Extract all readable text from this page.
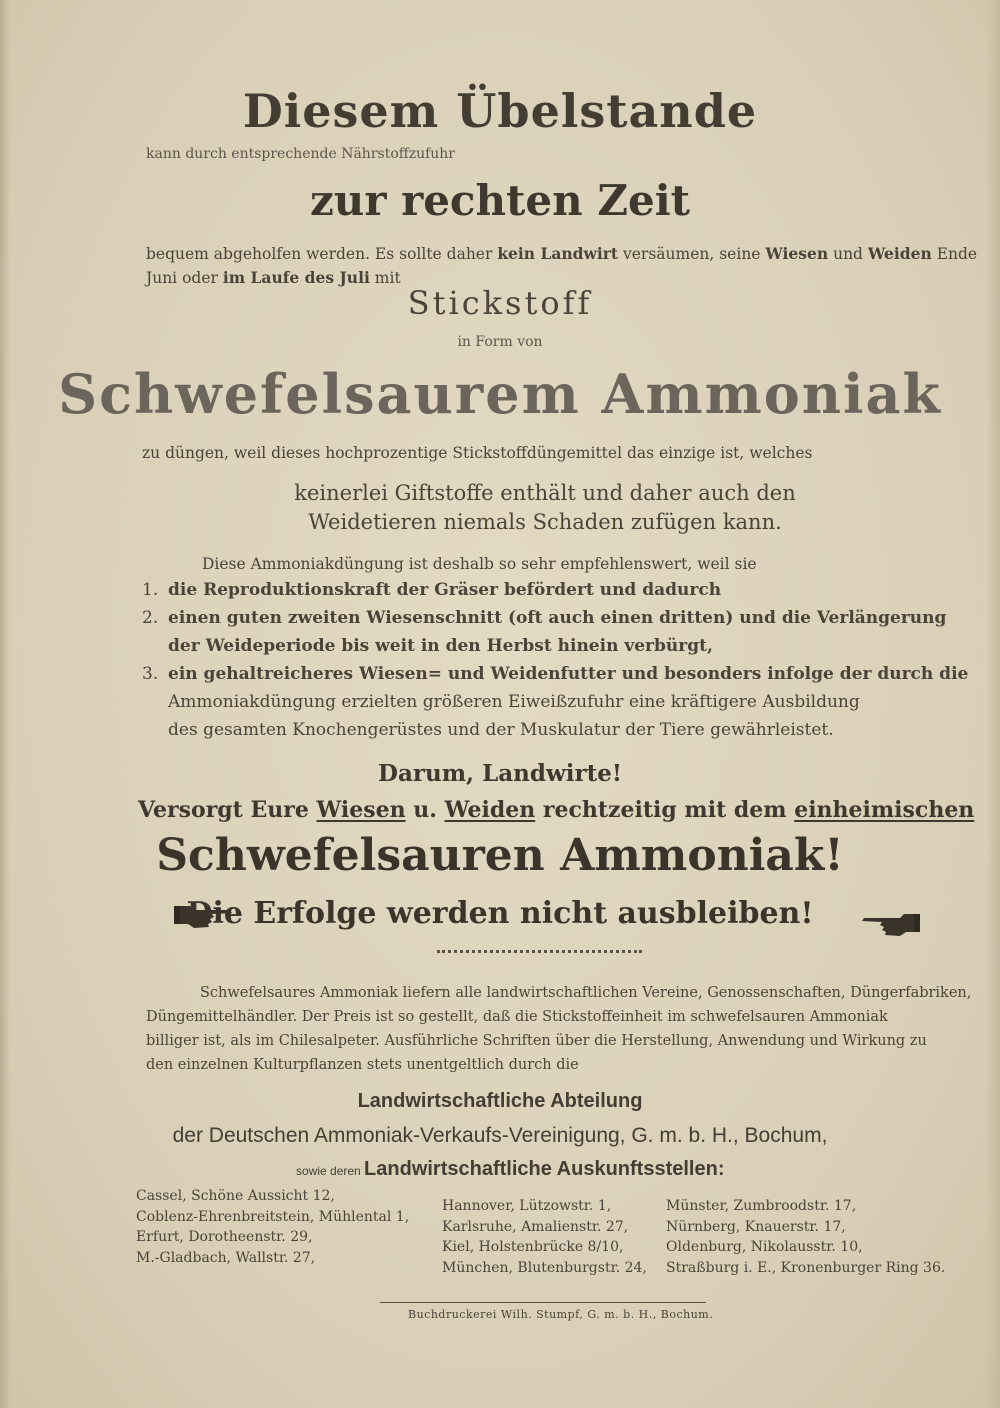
Diesem Übelstande
kann durch entsprechende Nährstoffzufuhr
zur rechten Zeit
bequem abgeholfen werden. Es sollte daher kein Landwirt versäumen, seine Wiesen und Weiden Ende
Juni oder im Laufe des Juli mit
Stickstoff
in Form von
Schwefelsaurem Ammoniak
zu düngen, weil dieses hochprozentige Stickstoffdüngemittel das einzige ist, welches
keinerlei Giftstoffe enthält und daher auch den
Weidetieren niemals Schaden zufügen kann.
Diese Ammoniakdüngung ist deshalb so sehr empfehlenswert, weil sie
1. die Reproduktionskraft der Gräser befördert und dadurch
2. einen guten zweiten Wiesenschnitt (oft auch einen dritten) und die Verlängerung
der Weideperiode bis weit in den Herbst hinein verbürgt,
3. ein gehaltreicheres Wiesen= und Weidenfutter und besonders infolge der durch die
Ammoniakdüngung erzielten größeren Eiweißzufuhr eine kräftigere Ausbildung
des gesamten Knochengerüstes und der Muskulatur der Tiere gewährleistet.
Darum, Landwirte!
Versorgt Eure Wiesen u. Weiden rechtzeitig mit dem einheimischen
Schwefelsauren Ammoniak!
Die Erfolge werden nicht ausbleiben!
Schwefelsaures Ammoniak liefern alle landwirtschaftlichen Vereine, Genossenschaften, Düngerfabriken,
Düngemittelhändler. Der Preis ist so gestellt, daß die Stickstoffeinheit im schwefelsauren Ammoniak
billiger ist, als im Chilesalpeter. Ausführliche Schriften über die Herstellung, Anwendung und Wirkung zu
den einzelnen Kulturpflanzen stets unentgeltlich durch die
Landwirtschaftliche Abteilung
der Deutschen Ammoniak-Verkaufs-Vereinigung, G. m. b. H., Bochum,
sowie deren Landwirtschaftliche Auskunftsstellen:
Cassel, Schöne Aussicht 12,
Coblenz-Ehrenbreitstein, Mühlental 1,
Erfurt, Dorotheenstr. 29,
M.-Gladbach, Wallstr. 27,
Hannover, Lützowstr. 1,
Karlsruhe, Amalienstr. 27,
Kiel, Holstenbrücke 8/10,
München, Blutenburgstr. 24,
Münster, Zumbroodstr. 17,
Nürnberg, Knauerstr. 17,
Oldenburg, Nikolausstr. 10,
Straßburg i. E., Kronenburger Ring 36.
Buchdruckerei Wilh. Stumpf, G. m. b. H., Bochum.
